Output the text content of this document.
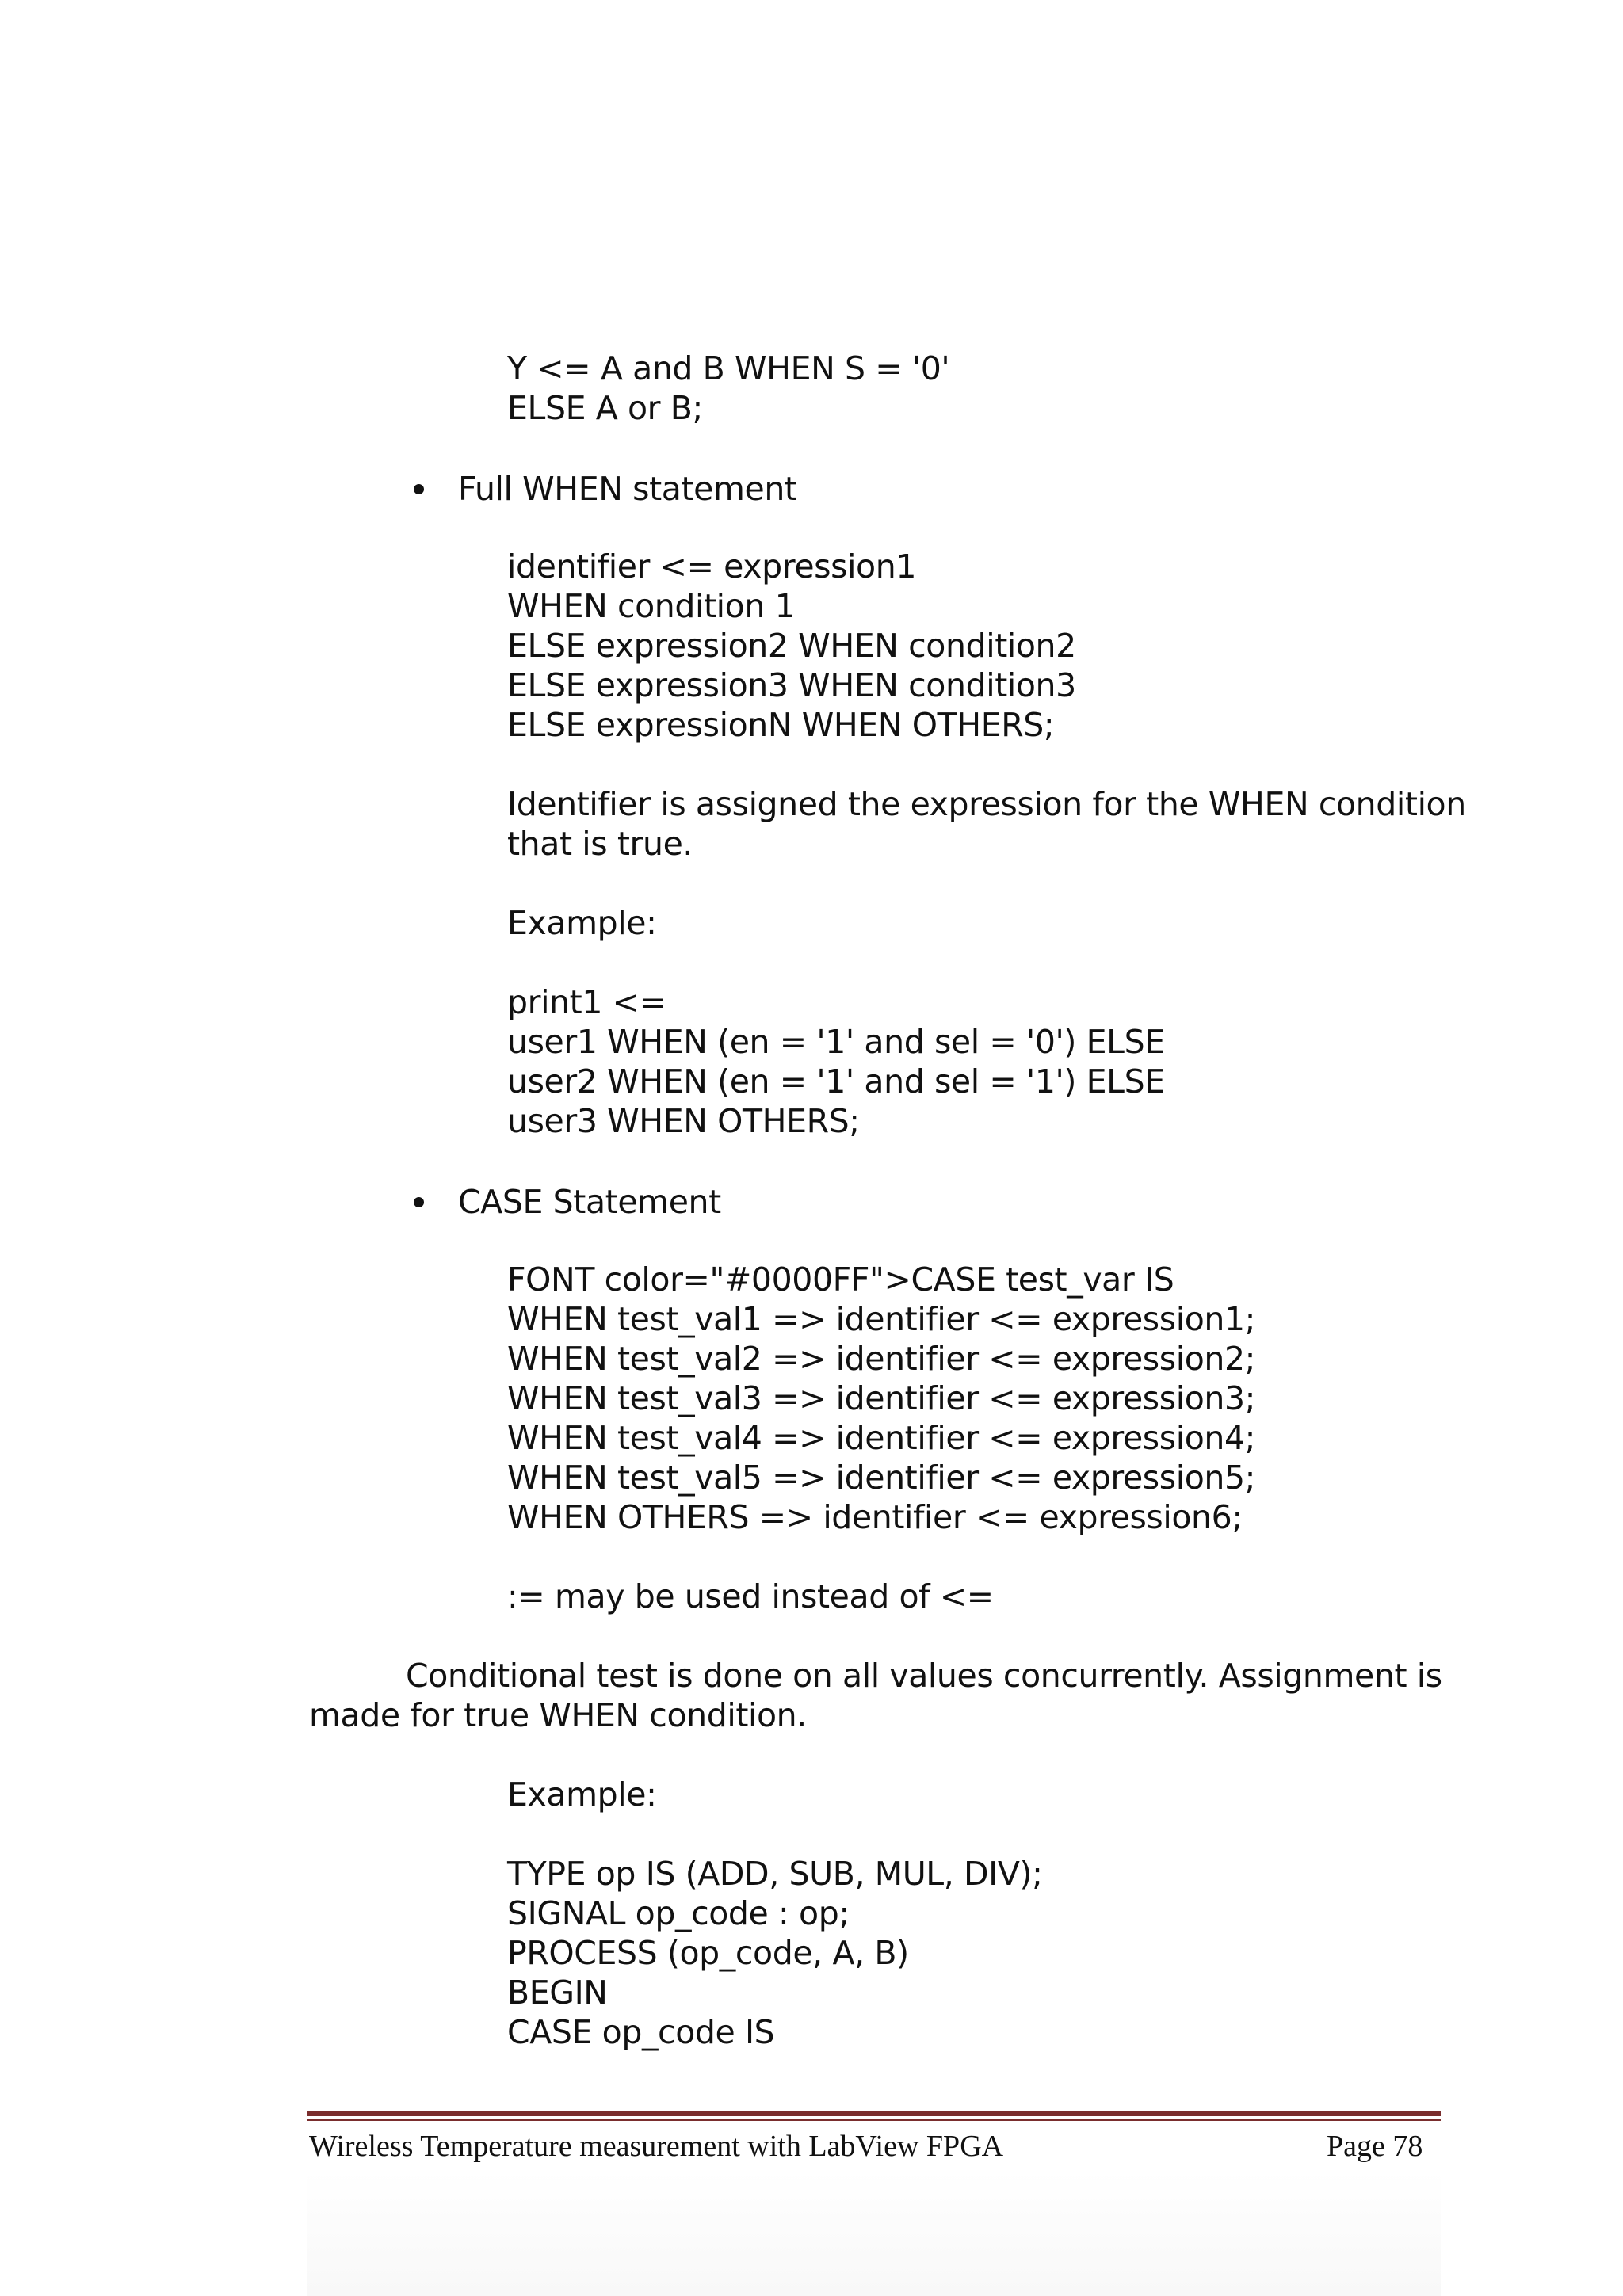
Y <= A and B WHEN S = '0'
ELSE A or B;
Full WHEN statement
identifier <= expression1
WHEN condition 1
ELSE expression2 WHEN condition2
ELSE expression3 WHEN condition3
ELSE expressionN WHEN OTHERS;
Identifier is assigned the expression for the WHEN condition
that is true.
Example:
print1 <=
user1 WHEN (en = '1' and sel = '0') ELSE
user2 WHEN (en = '1' and sel = '1') ELSE
user3 WHEN OTHERS;
CASE Statement
FONT color="#0000FF">CASE test_var IS
WHEN test_val1 => identifier <= expression1;
WHEN test_val2 => identifier <= expression2;
WHEN test_val3 => identifier <= expression3;
WHEN test_val4 => identifier <= expression4;
WHEN test_val5 => identifier <= expression5;
WHEN OTHERS => identifier <= expression6;
:= may be used instead of <=
Conditional test is done on all values concurrently. Assignment is
made for true WHEN condition.
Example:
TYPE op IS (ADD, SUB, MUL, DIV);
SIGNAL op_code : op;
PROCESS (op_code, A, B)
BEGIN
CASE op_code IS
Wireless Temperature measurement with LabView FPGA	Page 78
